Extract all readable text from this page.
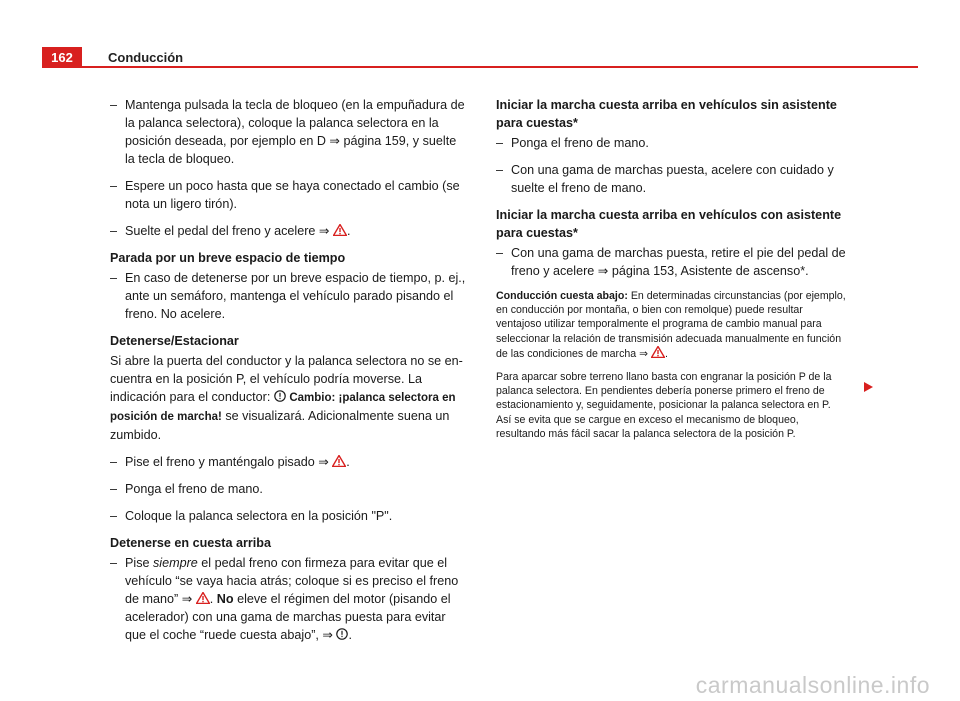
162	Conducción
– Mantenga pulsada la tecla de bloqueo (en la empuñadura de la palanca selectora), coloque la palanca selectora en la posición deseada, por ejemplo en D ⇒ página 159, y suelte la tecla de bloqueo.
– Espere un poco hasta que se haya conectado el cambio (se nota un ligero tirón).
– Suelte el pedal del freno y acelere ⇒ .
Parada por un breve espacio de tiempo
– En caso de detenerse por un breve espacio de tiempo, p. ej., ante un semáforo, mantenga el vehículo parado pisando el freno. No acelere.
Detenerse/Estacionar
Si abre la puerta del conductor y la palanca selectora no se encuentra en la posición P, el vehículo podría moverse. La indicación para el conductor: Cambio: ¡palanca selectora en posición de marcha! se visualizará. Adicionalmente suena un zumbido.
– Pise el freno y manténgalo pisado ⇒ .
– Ponga el freno de mano.
– Coloque la palanca selectora en la posición "P".
Detenerse en cuesta arriba
– Pise siempre el pedal freno con firmeza para evitar que el vehículo “se vaya hacia atrás; coloque si es preciso el freno de mano” ⇒ . No eleve el régimen del motor (pisando el acelerador) con una gama de marchas puesta para evitar que el coche “ruede cuesta abajo”, ⇒ .
Iniciar la marcha cuesta arriba en vehículos sin asistente para cuestas*
– Ponga el freno de mano.
– Con una gama de marchas puesta, acelere con cuidado y suelte el freno de mano.
Iniciar la marcha cuesta arriba en vehículos con asistente para cuestas*
– Con una gama de marchas puesta, retire el pie del pedal de freno y acelere ⇒ página 153, Asistente de ascenso*.
Conducción cuesta abajo: En determinadas circunstancias (por ejemplo, en conducción por montaña, o bien con remolque) puede resultar ventajoso utilizar temporalmente el programa de cambio manual para seleccionar la relación de transmisión adecuada manualmente en función de las condiciones de marcha ⇒ .
Para aparcar sobre terreno llano basta con engranar la posición P de la palanca selectora. En pendientes debería ponerse primero el freno de estacionamiento y, seguidamente, posicionar la palanca selectora en P. Así se evita que se cargue en exceso el mecanismo de bloqueo, resultando más fácil sacar la palanca selectora de la posición P.
carmanualsonline.info
